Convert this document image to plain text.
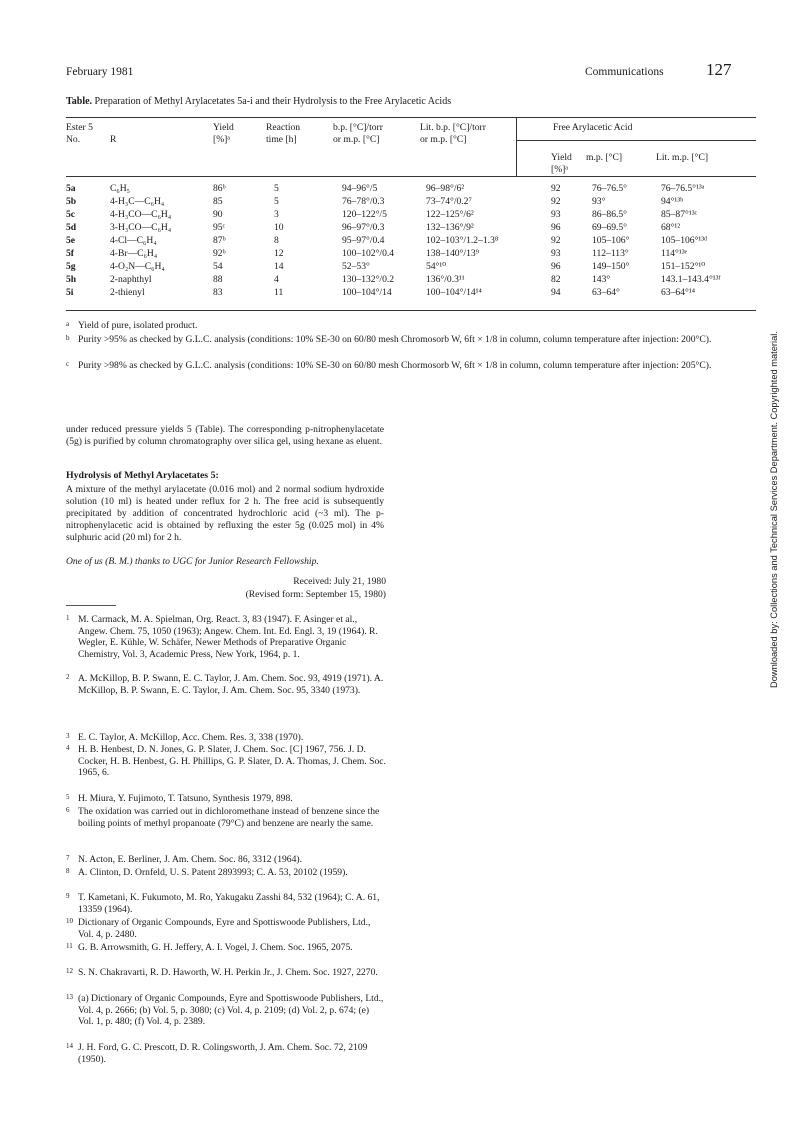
February 1981	Communications 127
Table. Preparation of Methyl Arylacetates 5a-i and their Hydrolysis to the Free Arylacetic Acids
Ester 5
No.	R
Yield
[%]ᵃ
Reaction
time [h]
b.p. [°C]/torr
or m.p. [°C]
Lit. b.p. [°C]/torr
or m.p. [°C]
Free Arylacetic Acid
Yield
[%]ᵃ
m.p. [°C]	Lit. m.p. [°C]
5a	C₆H₅	86ᵇ	5	94–96°/5	96–98°/6²	92	76–76.5°	76–76.5°¹³ᵃ
5b	4-H₃C—C₆H₄	85	5	76–78°/0.3	73–74°/0.2⁷	92	93°	94°¹³ᵇ
5c	4-H₃CO—C₆H₄	90	3	120–122°/5	122–125°/6²	93	86–86.5°	85–87°¹³ᶜ
5d	3-H₃CO—C₆H₄	95ᶜ	10	96–97°/0.3	132–136°/9²	96	69–69.5°	68°¹²
5e	4-Cl—C₆H₄	87ᵇ	8	95–97°/0.4	102–103°/1.2–1.3⁸	92	105–106°	105–106°¹³ᵈ
5f	4-Br—C₆H₄	92ᵇ	12	100–102°/0.4	138–140°/13⁹	93	112–113°	114°¹³ᵉ
5g	4-O₂N—C₆H₄	54	14	52–53°	54°¹⁰	96	149–150°	151–152°¹⁰
5h	2-naphthyl	88	4	130–132°/0.2	136°/0.3¹¹	82	143°	143.1–143.4°¹³ᶠ
5i	2-thienyl	83	11	100–104°/14	100–104°/14¹⁴	94	63–64°	63–64°¹⁴
a Yield of pure, isolated product.
b Purity >95% as checked by G.L.C. analysis (conditions: 10% SE-30 on 60/80 mesh Chromosorb W, 6ft × 1/8 in column, column temperature after injection: 200°C).
c Purity >98% as checked by G.L.C. analysis (conditions: 10% SE-30 on 60/80 mesh Chormosorb W, 6ft × 1/8 in column, column temperature after injection: 205°C).
under reduced pressure yields 5 (Table). The corresponding p-nitrophenylacetate (5g) is purified by column chromatography over silica gel, using hexane as eluent.
Hydrolysis of Methyl Arylacetates 5:
A mixture of the methyl arylacetate (0.016 mol) and 2 normal sodium hydroxide solution (10 ml) is heated under reflux for 2 h. The free acid is subsequently precipitated by addition of concentrated hydrochloric acid (~3 ml). The p-nitrophenylacetic acid is obtained by refluxing the ester 5g (0.025 mol) in 4% sulphuric acid (20 ml) for 2 h.
One of us (B. M.) thanks to UGC for Junior Research Fellowship.
Received: July 21, 1980
(Revised form: September 15, 1980)
1 M. Carmack, M. A. Spielman, Org. React. 3, 83 (1947). F. Asinger et al., Angew. Chem. 75, 1050 (1963); Angew. Chem. Int. Ed. Engl. 3, 19 (1964). R. Wegler, E. Kühle, W. Schäfer, Newer Methods of Preparative Organic Chemistry, Vol. 3, Academic Press, New York, 1964, p. 1.
2 A. McKillop, B. P. Swann, E. C. Taylor, J. Am. Chem. Soc. 93, 4919 (1971). A. McKillop, B. P. Swann, E. C. Taylor, J. Am. Chem. Soc. 95, 3340 (1973).
3 E. C. Taylor, A. McKillop, Acc. Chem. Res. 3, 338 (1970).
4 H. B. Henbest, D. N. Jones, G. P. Slater, J. Chem. Soc. [C] 1967, 756. J. D. Cocker, H. B. Henbest, G. H. Phillips, G. P. Slater, D. A. Thomas, J. Chem. Soc. 1965, 6.
5 H. Miura, Y. Fujimoto, T. Tatsuno, Synthesis 1979, 898.
6 The oxidation was carried out in dichloromethane instead of benzene since the boiling points of methyl propanoate (79°C) and benzene are nearly the same.
7 N. Acton, E. Berliner, J. Am. Chem. Soc. 86, 3312 (1964).
8 A. Clinton, D. Ornfeld, U. S. Patent 2893993; C. A. 53, 20102 (1959).
9 T. Kametani, K. Fukumoto, M. Ro, Yakugaku Zasshi 84, 532 (1964); C. A. 61, 13359 (1964).
10 Dictionary of Organic Compounds, Eyre and Spottiswoode Publishers, Ltd., Vol. 4, p. 2480.
11 G. B. Arrowsmith, G. H. Jeffery, A. I. Vogel, J. Chem. Soc. 1965, 2075.
12 S. N. Chakravarti, R. D. Haworth, W. H. Perkin Jr., J. Chem. Soc. 1927, 2270.
13 (a) Dictionary of Organic Compounds, Eyre and Spottiswoode Publishers, Ltd., Vol. 4, p. 2666; (b) Vol. 5, p. 3080; (c) Vol. 4, p. 2109; (d) Vol. 2, p. 674; (e) Vol. 1, p. 480; (f) Vol. 4, p. 2389.
14 J. H. Ford, G. C. Prescott, D. R. Colingsworth, J. Am. Chem. Soc. 72, 2109 (1950).
Downloaded by: Collections and Technical Services Department. Copyrighted material.
